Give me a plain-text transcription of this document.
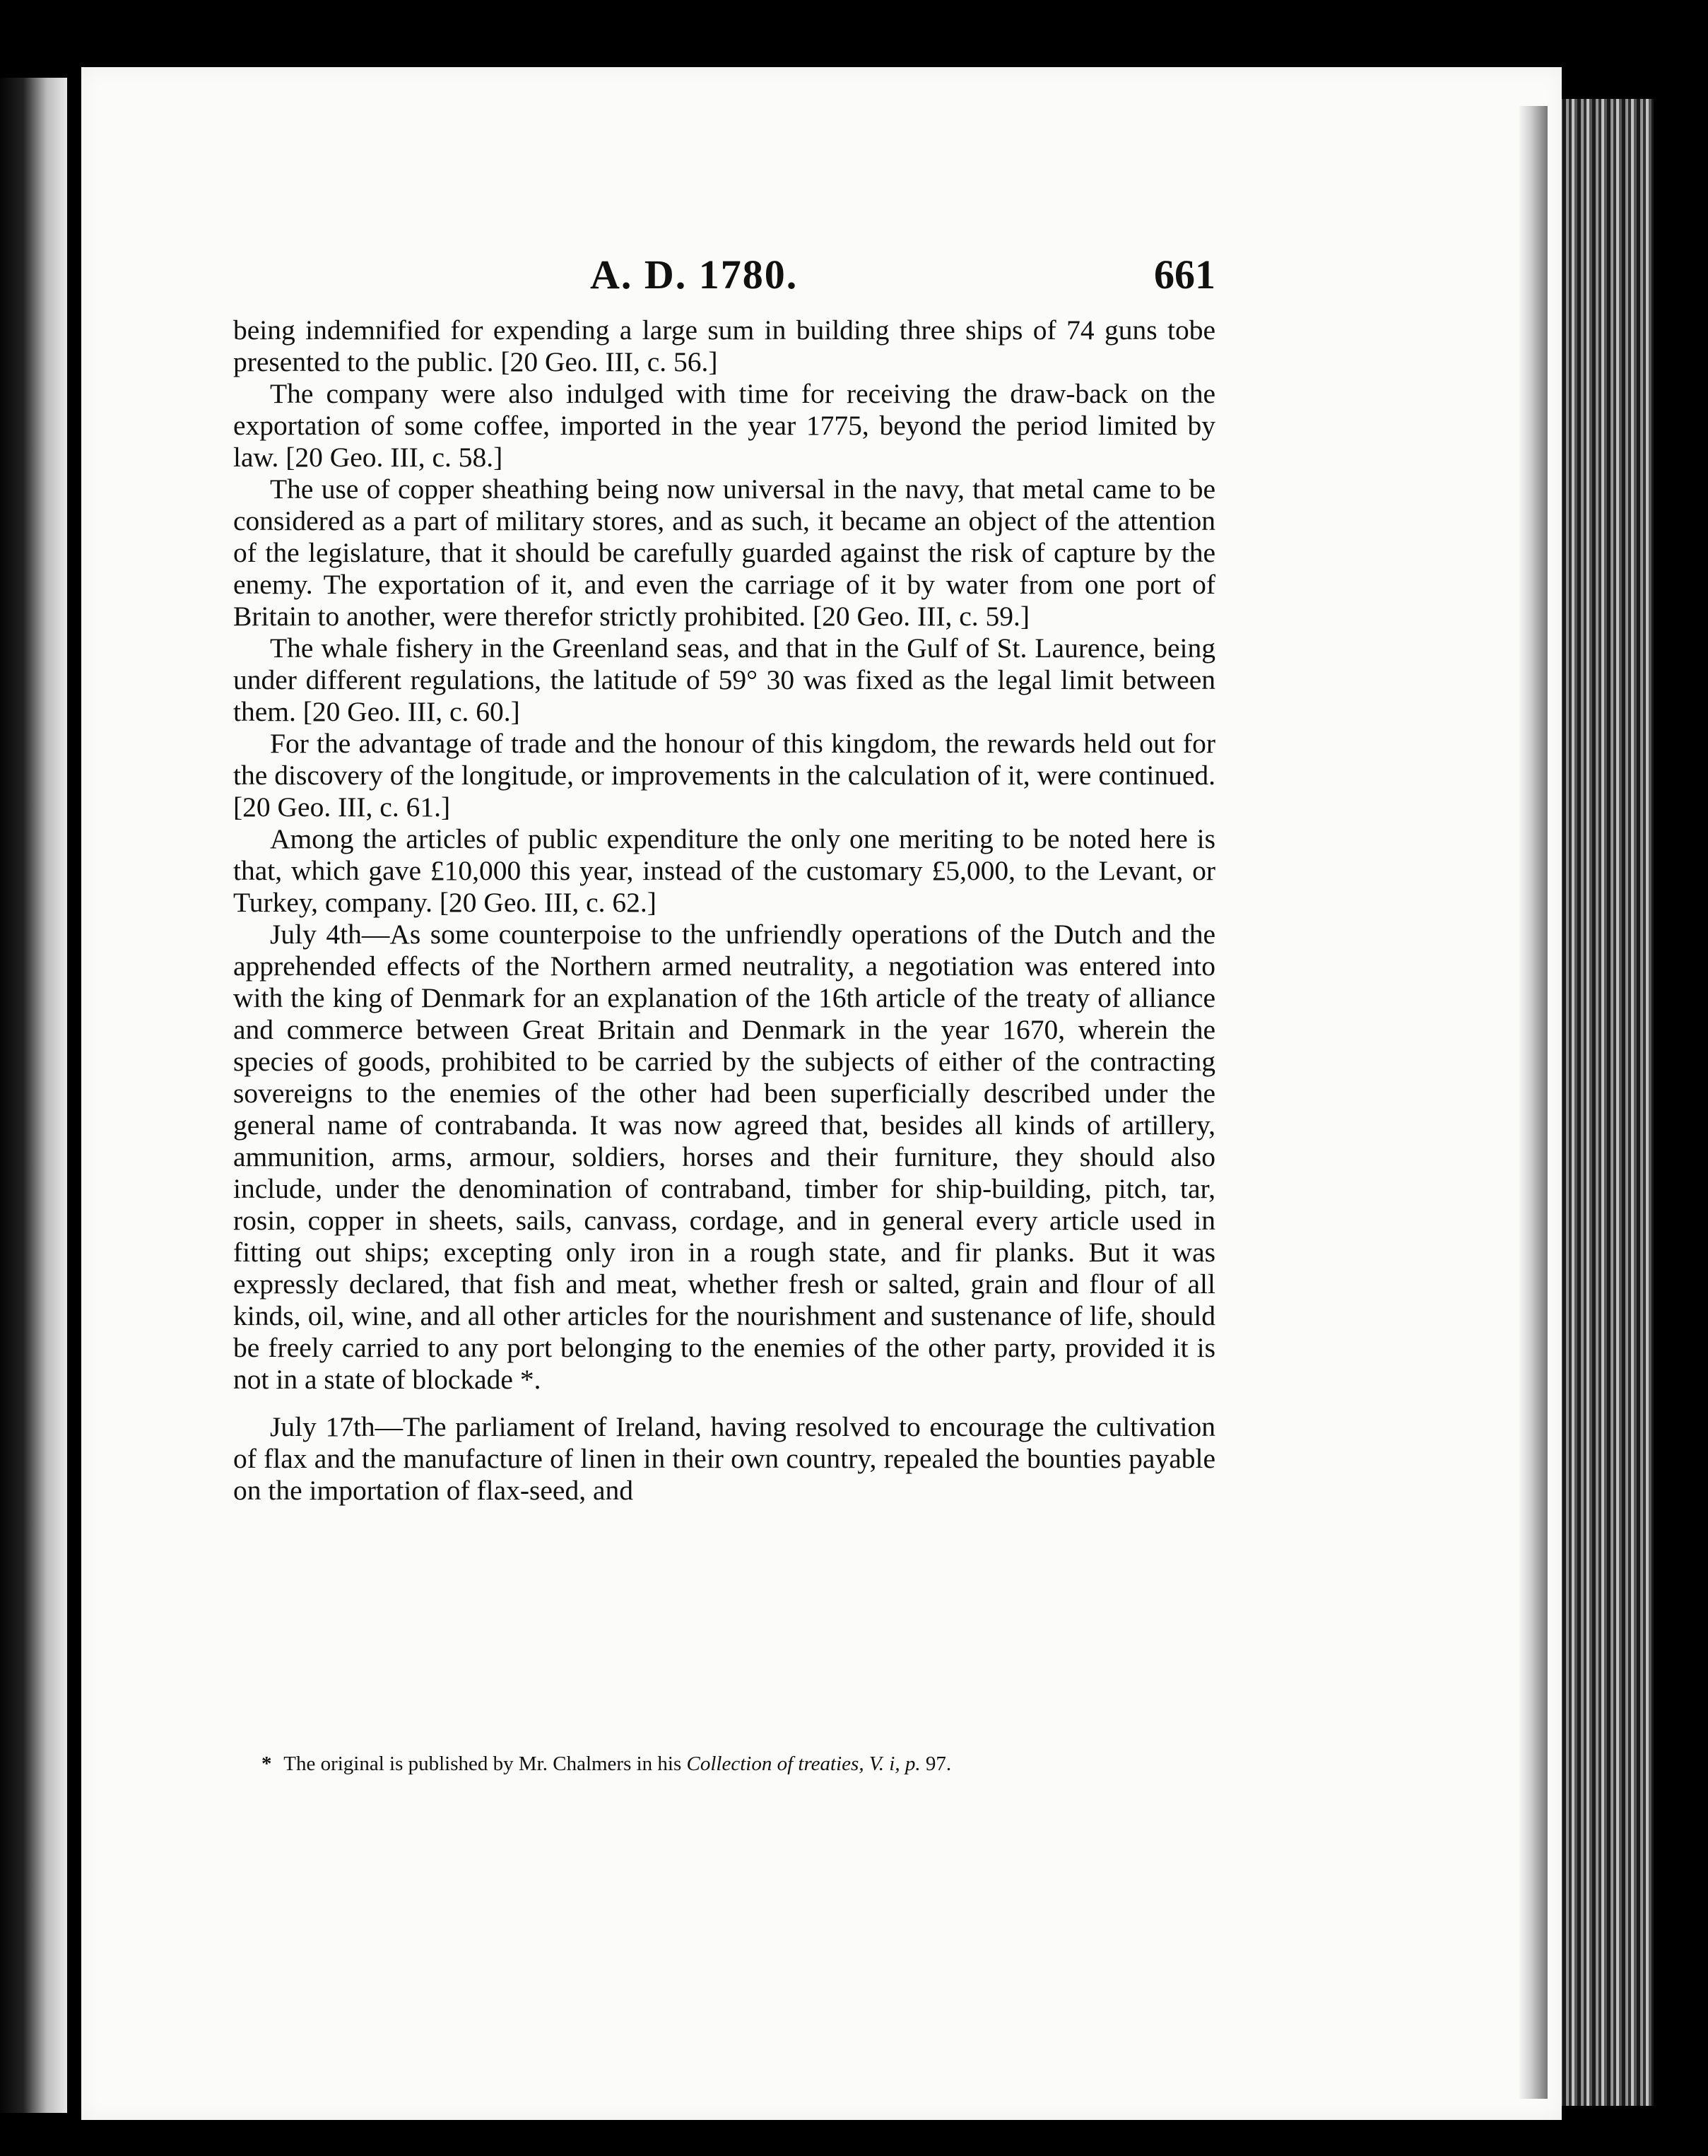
A. D. 1780.	661

being indemnified for expending a large sum in building three ships of 74 guns tobe presented to the public. [20 Geo. III, c. 56.]

The company were also indulged with time for receiving the draw-back on the exportation of some coffee, imported in the year 1775, beyond the period limited by law. [20 Geo. III, c. 58.]

The use of copper sheathing being now universal in the navy, that metal came to be considered as a part of military stores, and as such, it became an object of the attention of the legislature, that it should be carefully guarded against the risk of capture by the enemy. The exportation of it, and even the carriage of it by water from one port of Britain to another, were therefor strictly prohibited. [20 Geo. III, c. 59.]

The whale fishery in the Greenland seas, and that in the Gulf of St. Laurence, being under different regulations, the latitude of 59° 30 was fixed as the legal limit between them. [20 Geo. III, c. 60.]

For the advantage of trade and the honour of this kingdom, the rewards held out for the discovery of the longitude, or improvements in the calculation of it, were continued. [20 Geo. III, c. 61.]

Among the articles of public expenditure the only one meriting to be noted here is that, which gave £10,000 this year, instead of the customary £5,000, to the Levant, or Turkey, company. [20 Geo. III, c. 62.]

July 4th—As some counterpoise to the unfriendly operations of the Dutch and the apprehended effects of the Northern armed neutrality, a negotiation was entered into with the king of Denmark for an explanation of the 16th article of the treaty of alliance and commerce between Great Britain and Denmark in the year 1670, wherein the species of goods, prohibited to be carried by the subjects of either of the contracting sovereigns to the enemies of the other had been superficially described under the general name of contrabanda. It was now agreed that, besides all kinds of artillery, ammunition, arms, armour, soldiers, horses and their furniture, they should also include, under the denomination of contraband, timber for ship-building, pitch, tar, rosin, copper in sheets, sails, canvass, cordage, and in general every article used in fitting out ships; excepting only iron in a rough state, and fir planks. But it was expressly declared, that fish and meat, whether fresh or salted, grain and flour of all kinds, oil, wine, and all other articles for the nourishment and sustenance of life, should be freely carried to any port belonging to the enemies of the other party, provided it is not in a state of blockade *.

July 17th—The parliament of Ireland, having resolved to encourage the cultivation of flax and the manufacture of linen in their own country, repealed the bounties payable on the importation of flax-seed, and

* The original is published by Mr. Chalmers in his Collection of treaties, V. i, p. 97.
